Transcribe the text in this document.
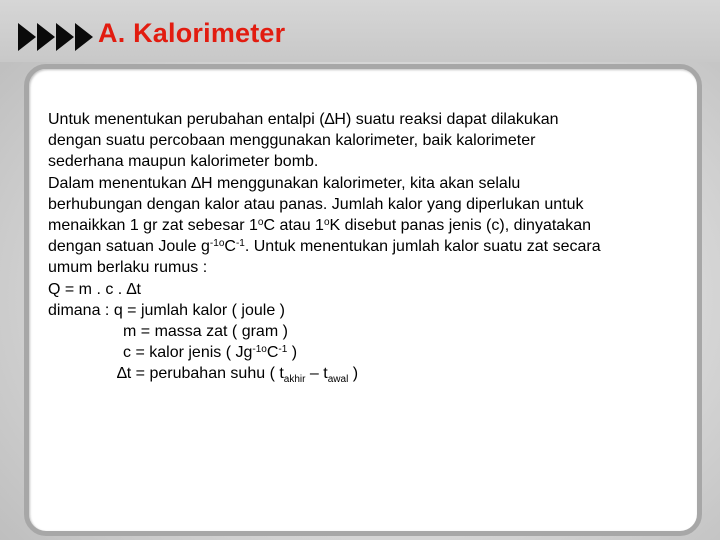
A. Kalorimeter
Untuk menentukan perubahan entalpi (∆H) suatu reaksi dapat dilakukan
dengan suatu percobaan menggunakan kalorimeter, baik kalorimeter
sederhana maupun kalorimeter bomb.
Dalam menentukan ∆H menggunakan kalorimeter, kita akan selalu
berhubungan dengan kalor atau panas. Jumlah kalor yang diperlukan untuk
menaikkan 1 gr zat sebesar 1$^o$C atau 1$^o$K disebut panas jenis (c), dinyatakan
dengan satuan Joule $g^{-1o}C^{-1}$. Untuk menentukan jumlah kalor suatu zat secara
umum berlaku rumus :
Q = m . c . ∆t
dimana : q = jumlah kalor ( joule )
m = massa zat ( gram )
c = kalor jenis ( $Jg^{-1o}C^{-1}$ )
∆t = perubahan suhu ( $t_{akhir} - t_{awal}$ )
